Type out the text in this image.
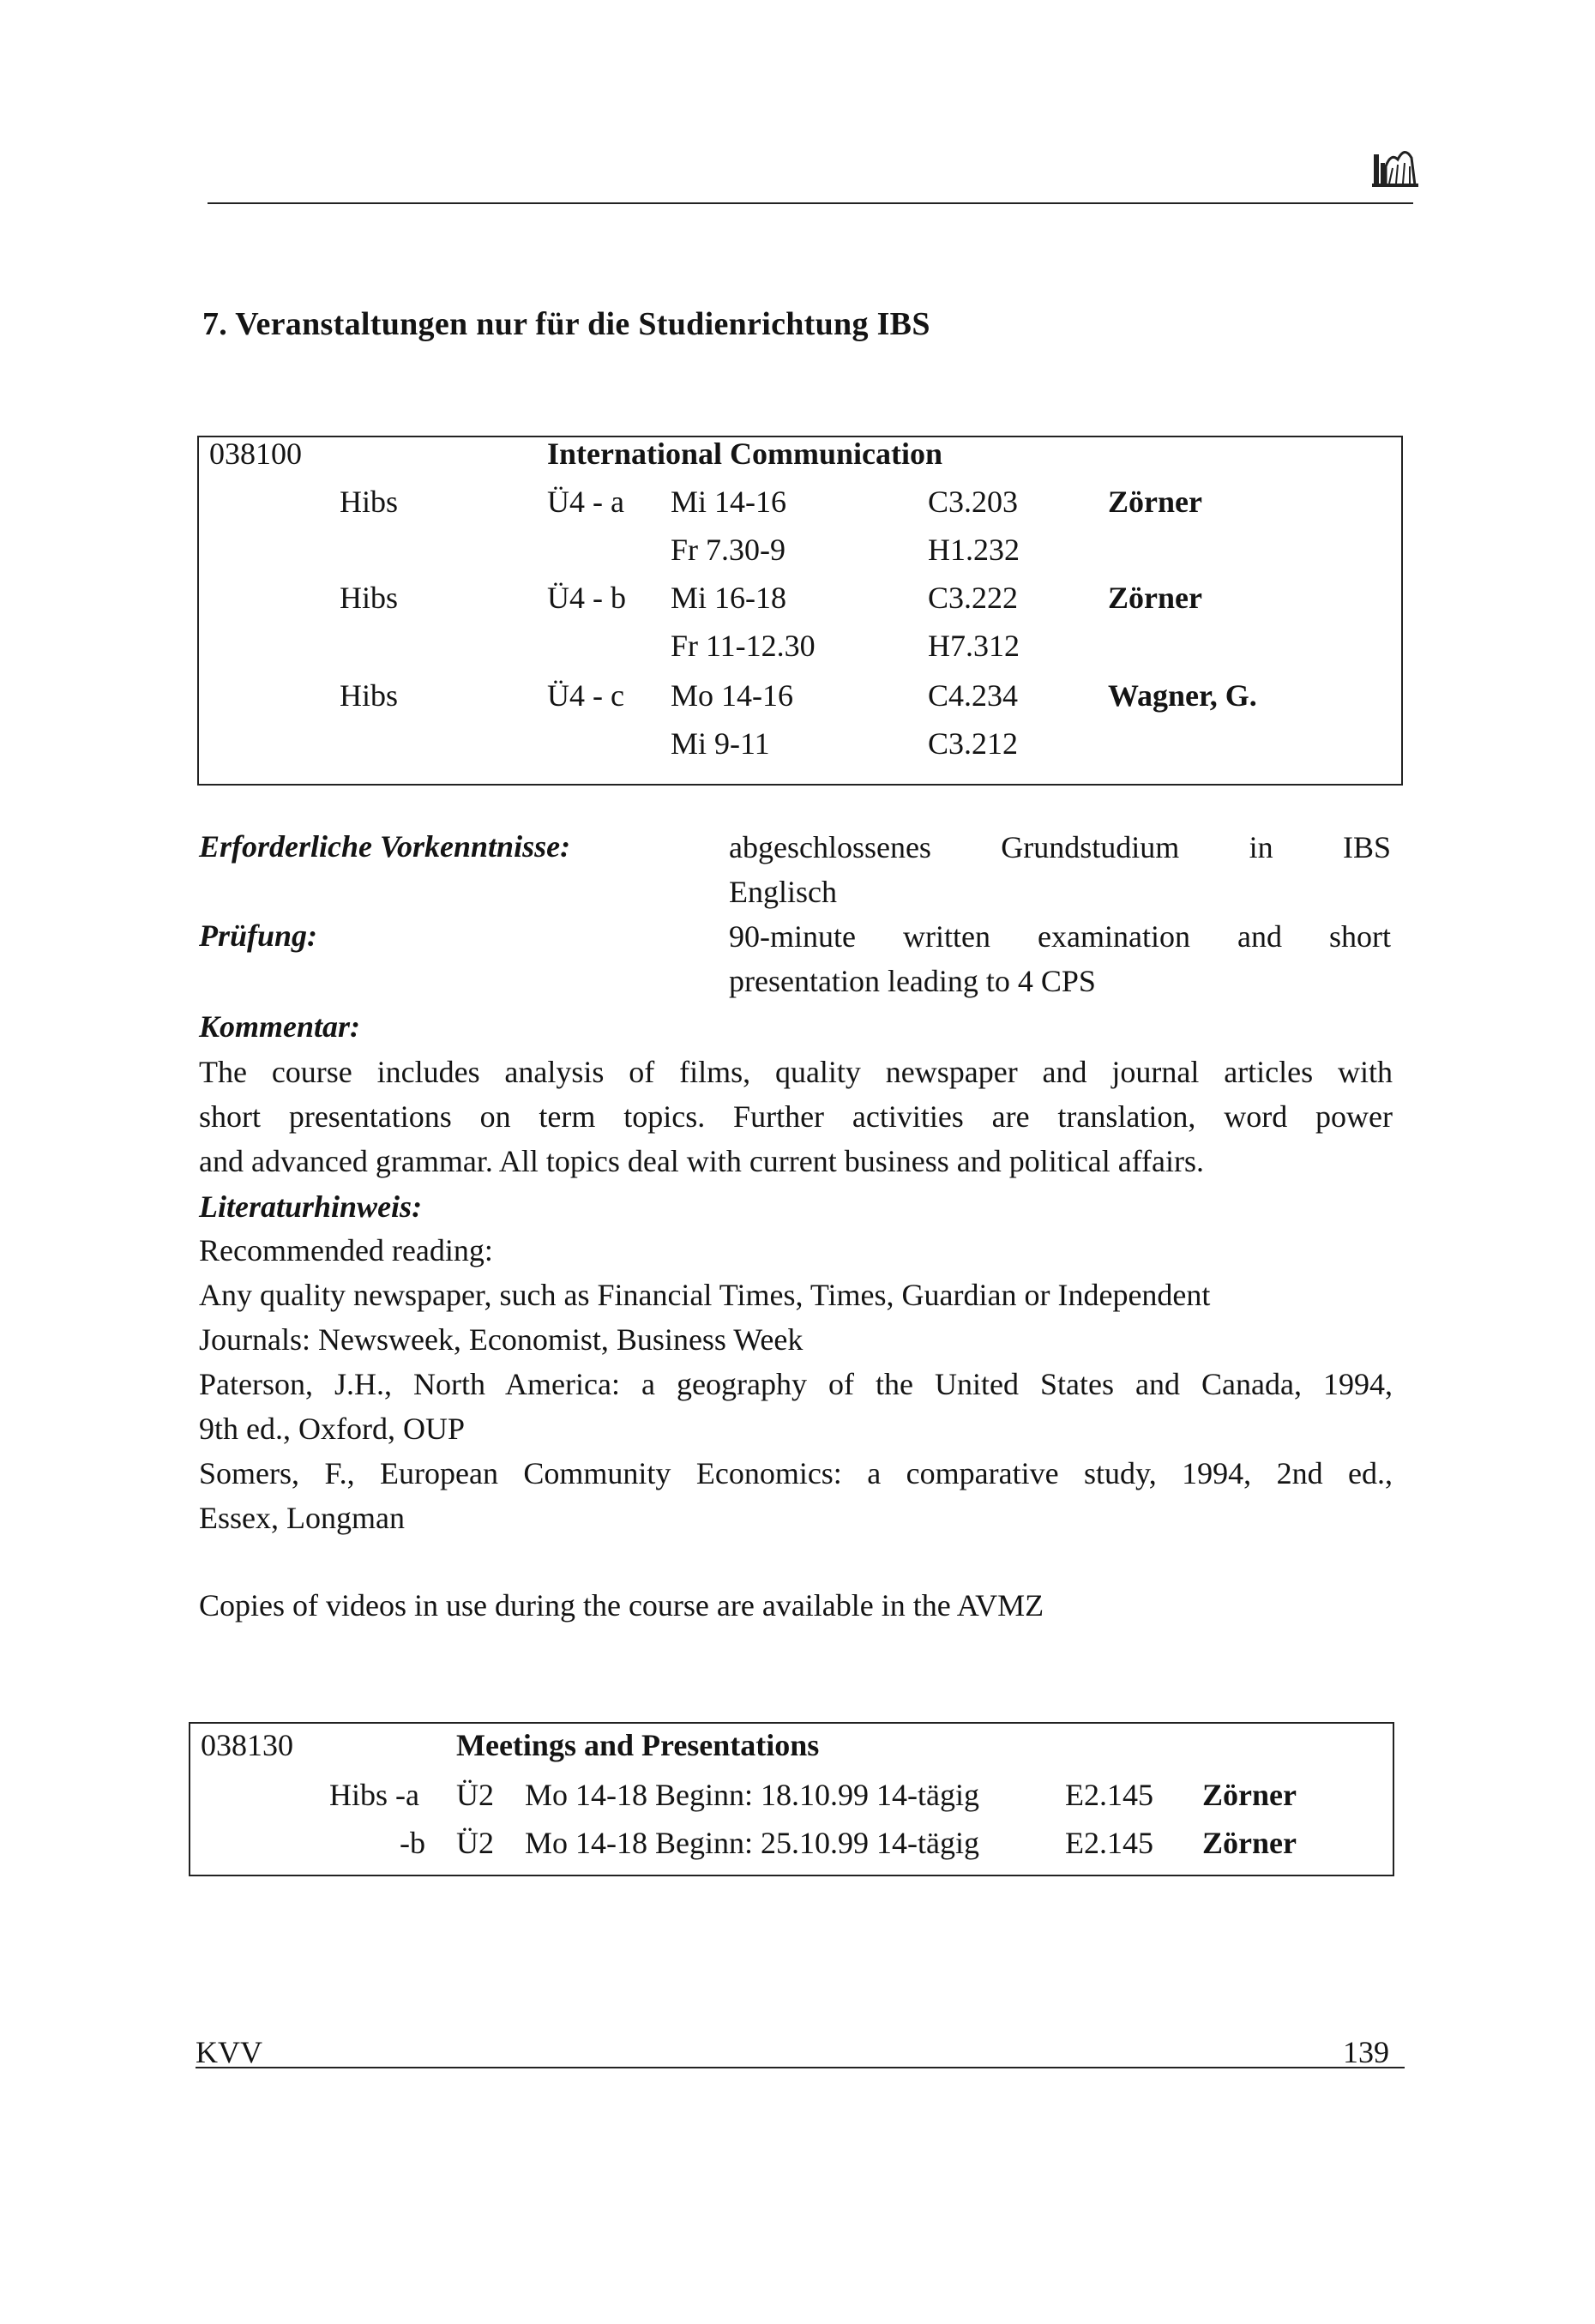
7. Veranstaltungen nur für die Studienrichtung IBS
038100	International Communication
Hibs	Ü4 - a Mi 14-16	C3.203	Zörner
Fr 7.30-9	H1.232
Hibs	Ü4 - b Mi 16-18	C3.222	Zörner
Fr 11-12.30	H7.312
Hibs	Ü4 - c Mo 14-16	C4.234	Wagner, G.
Mi 9-11	C3.212
Erforderliche Vorkenntnisse:	abgeschlossenes Grundstudium in IBS
Englisch
Prüfung:	90-minute written examination and short
presentation leading to 4 CPS
Kommentar:
The course includes analysis of films, quality newspaper and journal articles with
short presentations on term topics. Further activities are translation, word power
and advanced grammar. All topics deal with current business and political affairs.
Literaturhinweis:
Recommended reading:
Any quality newspaper, such as Financial Times, Times, Guardian or Independent
Journals: Newsweek, Economist, Business Week
Paterson, J.H., North America: a geography of the United States and Canada, 1994,
9th ed., Oxford, OUP
Somers, F., European Community Economics: a comparative study, 1994, 2nd ed.,
Essex, Longman
Copies of videos in use during the course are available in the AVMZ
038130	Meetings and Presentations
Hibs -a Ü2 Mo 14-18 Beginn: 18.10.99 14-tägig	E2.145 Zörner
-b Ü2 Mo 14-18 Beginn: 25.10.99 14-tägig	E2.145 Zörner
KVV	139
